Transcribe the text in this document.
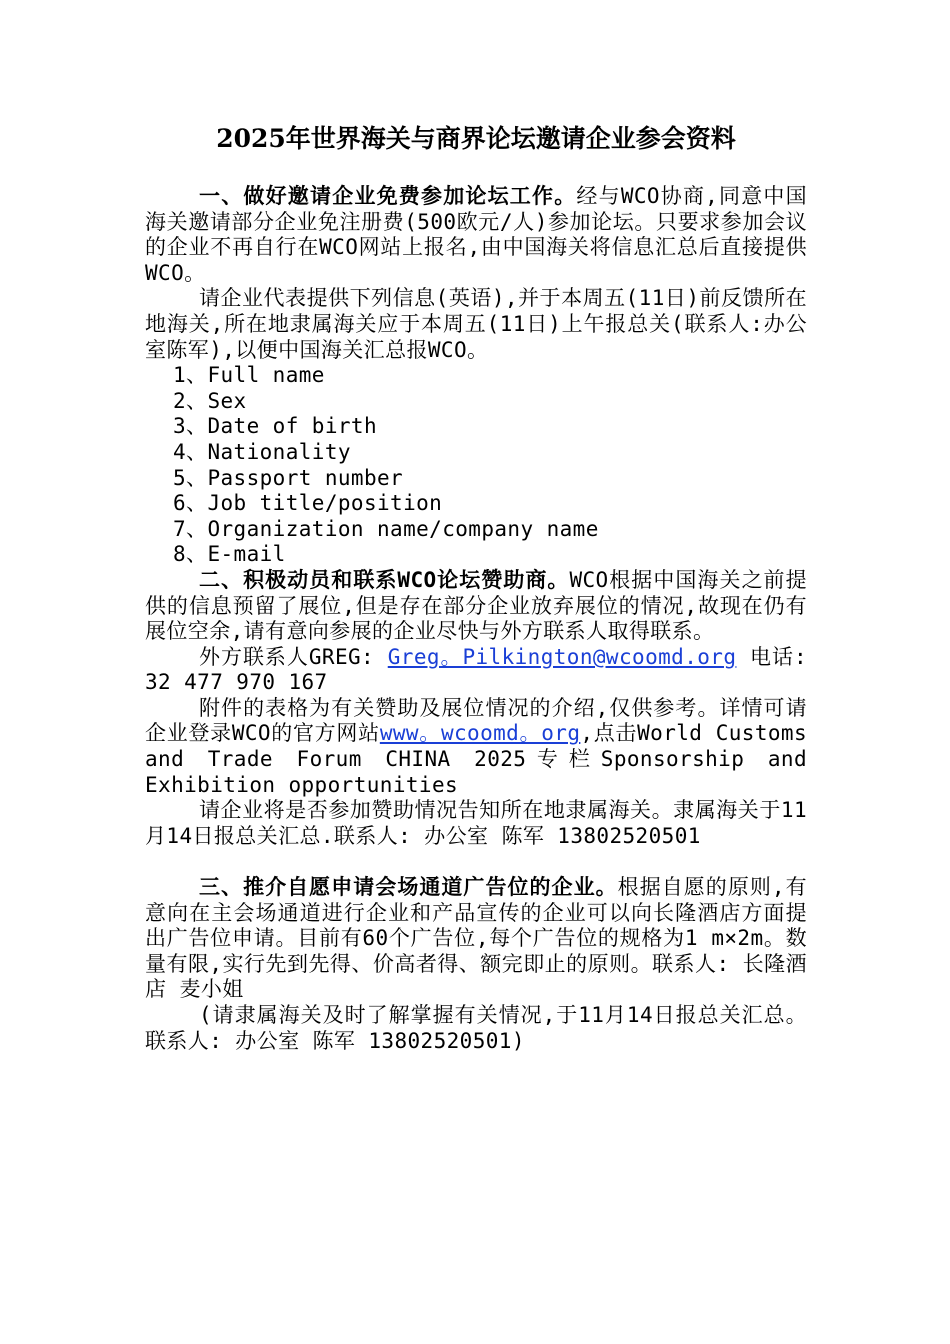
2025年世界海关与商界论坛邀请企业参会资料

一、做好邀请企业免费参加论坛工作。经与WCO协商,同意中国海关邀请部分企业免注册费(500欧元/人)参加论坛。只要求参加会议的企业不再自行在WCO网站上报名,由中国海关将信息汇总后直接提供WCO。

请企业代表提供下列信息(英语),并于本周五(11日)前反馈所在地海关,所在地隶属海关应于本周五(11日)上午报总关(联系人:办公室陈军),以便中国海关汇总报WCO。

1、Full name
2、Sex
3、Date of birth
4、Nationality
5、Passport number
6、Job title/position
7、Organization name/company name
8、E-mail

二、积极动员和联系WCO论坛赞助商。WCO根据中国海关之前提供的信息预留了展位,但是存在部分企业放弃展位的情况,故现在仍有展位空余,请有意向参展的企业尽快与外方联系人取得联系。

外方联系人GREG: Greg。Pilkington@wcoomd.org 电话: 32 477 970 167

附件的表格为有关赞助及展位情况的介绍,仅供参考。详情可请企业登录WCO的官方网站www。wcoomd。org,点击World Customs and Trade Forum CHINA 2025专栏Sponsorship and Exhibition opportunities

请企业将是否参加赞助情况告知所在地隶属海关。隶属海关于11月14日报总关汇总.联系人: 办公室 陈军 13802520501

三、推介自愿申请会场通道广告位的企业。根据自愿的原则,有意向在主会场通道进行企业和产品宣传的企业可以向长隆酒店方面提出广告位申请。目前有60个广告位,每个广告位的规格为1 m×2m。数量有限,实行先到先得、价高者得、额完即止的原则。联系人: 长隆酒店 麦小姐

(请隶属海关及时了解掌握有关情况,于11月14日报总关汇总。联系人: 办公室 陈军 13802520501)
